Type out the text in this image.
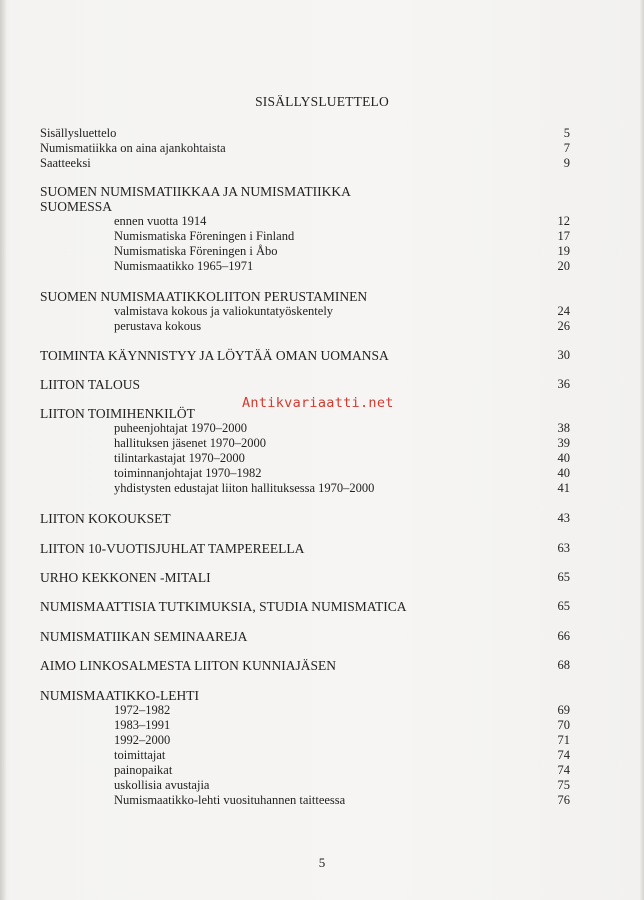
SISÄLLYSLUETTELO
Sisällysluettelo	5
Numismatiikka on aina ajankohtaista	7
Saatteeksi	9
SUOMEN NUMISMATIIKKAA JA NUMISMATIIKKA
SUOMESSA
ennen vuotta 1914	12
Numismatiska Föreningen i Finland	17
Numismatiska Föreningen i Åbo	19
Numismaatikko 1965–1971	20
SUOMEN NUMISMAATIKKOLIITON PERUSTAMINEN
valmistava kokous ja valiokuntatyöskentely	24
perustava kokous	26
TOIMINTA KÄYNNISTYY JA LÖYTÄÄ OMAN UOMANSA	30
LIITON TALOUS	36
LIITON TOIMIHENKILÖT
puheenjohtajat 1970–2000	38
hallituksen jäsenet 1970–2000	39
tilintarkastajat 1970–2000	40
toiminnanjohtajat 1970–1982	40
yhdistysten edustajat liiton hallituksessa 1970–2000	41
LIITON KOKOUKSET	43
LIITON 10-VUOTISJUHLAT TAMPEREELLA	63
URHO KEKKONEN -MITALI	65
NUMISMAATTISIA TUTKIMUKSIA, STUDIA NUMISMATICA	65
NUMISMATIIKAN SEMINAAREJA	66
AIMO LINKOSALMESTA LIITON KUNNIAJÄSEN	68
NUMISMAATIKKO-LEHTI
1972–1982	69
1983–1991	70
1992–2000	71
toimittajat	74
painopaikat	74
uskollisia avustajia	75
Numismaatikko-lehti vuosituhannen taitteessa	76
Antikvariaatti.net
5
